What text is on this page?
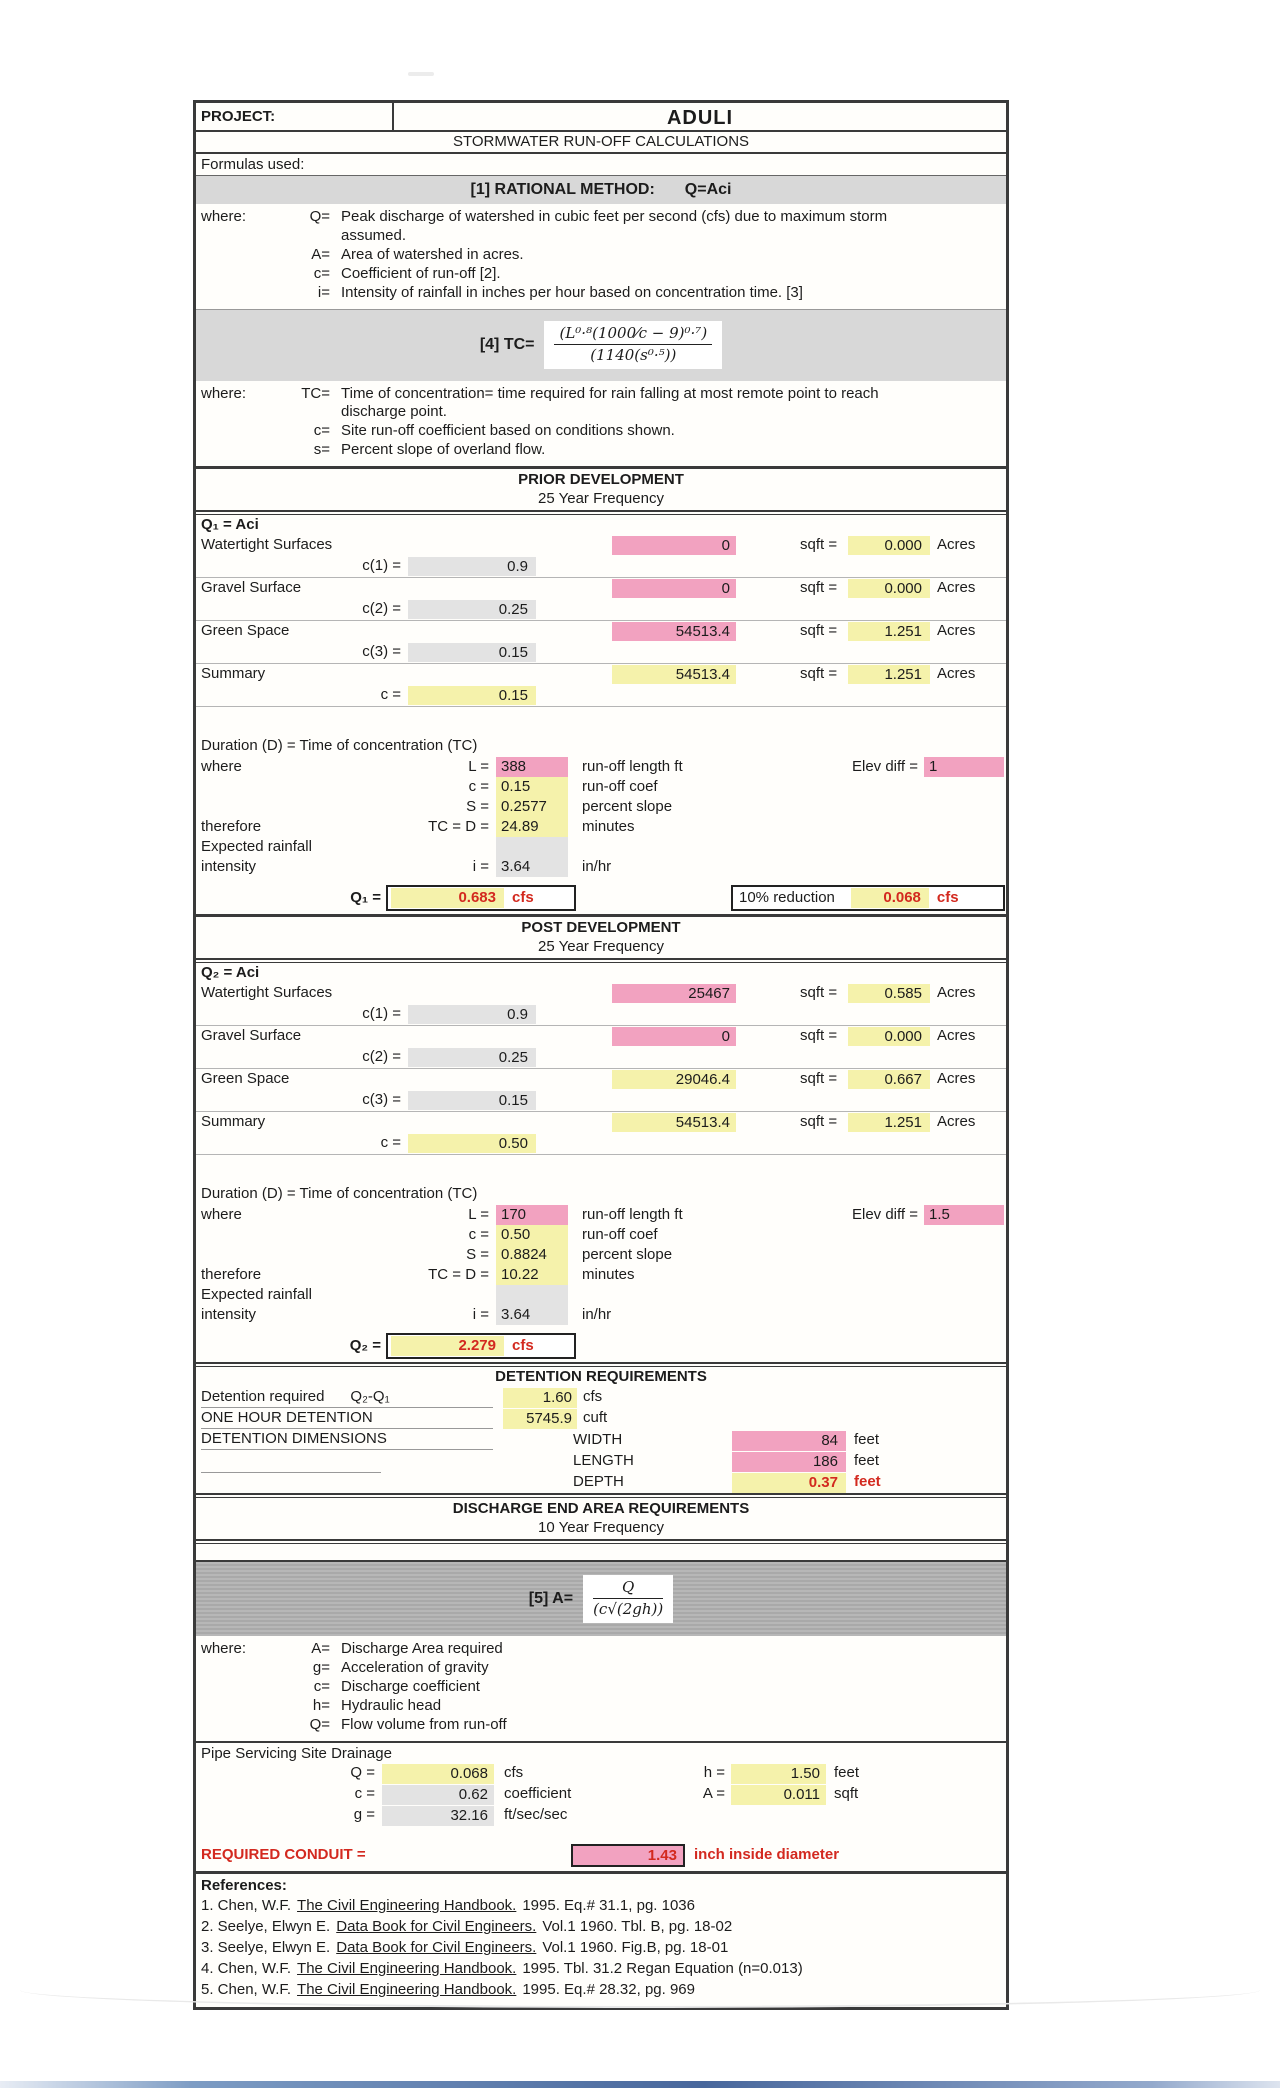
PROJECT:	ADULI
STORMWATER RUN-OFF CALCULATIONS
Formulas used:
[1] RATIONAL METHOD: Q=Aci
where:	Q= Peak discharge of watershed in cubic feet per second (cfs) due to maximum storm assumed.
A= Area of watershed in acres.
c= Coefficient of run-off [2].
i= Intensity of rainfall in inches per hour based on concentration time. [3]
[4] TC=
(L⁰·⁸(1000⁄c − 9)⁰·⁷)
(1140(s⁰·⁵))
where:	TC= Time of concentration= time required for rain falling at most remote point to reach discharge point.
c= Site run-off coefficient based on conditions shown.
s= Percent slope of overland flow.
PRIOR DEVELOPMENT
25 Year Frequency
Q₁ = Aci
Watertight Surfaces	0	sqft =	0.000	Acres
c(1) =	0.9
Gravel Surface	0	sqft =	0.000	Acres
c(2) =	0.25
Green Space	54513.4	sqft =	1.251	Acres
c(3) =	0.15
Summary	54513.4	sqft =	1.251	Acres
c =	0.15
Duration (D) = Time of concentration (TC)
where	L = 388	run-off length ft	Elev diff = 1
c = 0.15	run-off coef
S = 0.2577	percent slope
therefore	TC = D = 24.89	minutes
Expected rainfall
intensity	i = 3.64	in/hr
Q₁ =	0.683	cfs	10% reduction	0.068	cfs
POST DEVELOPMENT
25 Year Frequency
Q₂ = Aci
Watertight Surfaces	25467	sqft =	0.585	Acres
c(1) =	0.9
Gravel Surface	0	sqft =	0.000	Acres
c(2) =	0.25
Green Space	29046.4	sqft =	0.667	Acres
c(3) =	0.15
Summary	54513.4	sqft =	1.251	Acres
c =	0.50
Duration (D) = Time of concentration (TC)
where	L = 170	run-off length ft	Elev diff = 1.5
c = 0.50	run-off coef
S = 0.8824	percent slope
therefore	TC = D = 10.22	minutes
Expected rainfall
intensity	i = 3.64	in/hr
Q₂ =	2.279	cfs
DETENTION REQUIREMENTS
Detention required Q₂-Q₁	1.60 cfs
ONE HOUR DETENTION	5745.9 cuft
DETENTION DIMENSIONS	WIDTH	84	feet
LENGTH	186	feet
DEPTH	0.37	feet
DISCHARGE END AREA REQUIREMENTS
10 Year Frequency
[5] A=
Q
(c√(2gh))
where:	A= Discharge Area required
g= Acceleration of gravity
c= Discharge coefficient
h= Hydraulic head
Q= Flow volume from run-off
Pipe Servicing Site Drainage
Q =	0.068	cfs	h =	1.50 feet
c =	0.62	coefficient	A =	0.011 sqft
g =	32.16	ft/sec/sec
REQUIRED CONDUIT =	1.43	inch inside diameter
References:
1. Chen, W.F. The Civil Engineering Handbook. 1995. Eq.# 31.1, pg. 1036
2. Seelye, Elwyn E. Data Book for Civil Engineers. Vol.1 1960. Tbl. B, pg. 18-02
3. Seelye, Elwyn E. Data Book for Civil Engineers. Vol.1 1960. Fig.B, pg. 18-01
4. Chen, W.F. The Civil Engineering Handbook. 1995. Tbl. 31.2 Regan Equation (n=0.013)
5. Chen, W.F. The Civil Engineering Handbook. 1995. Eq.# 28.32, pg. 969
